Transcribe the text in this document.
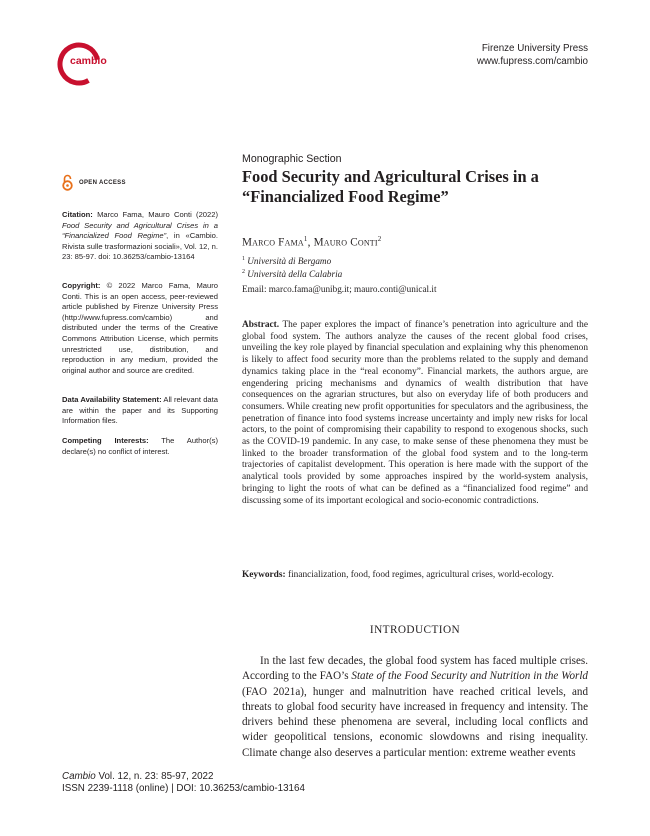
cambio
Firenze University Press
www.fupress.com/cambio
OPEN ACCESS
Citation: Marco Fama, Mauro Conti (2022) Food Security and Agricultural Crises in a “Financialized Food Regime”, in «Cambio. Rivista sulle trasformazioni sociali», Vol. 12, n. 23: 85-97. doi: 10.36253/cambio-13164
Copyright: © 2022 Marco Fama, Mauro Conti. This is an open access, peer-reviewed article published by Firenze University Press (http://www.fupress.com/cambio) and distributed under the terms of the Creative Commons Attribution License, which permits unrestricted use, distribution, and reproduction in any medium, provided the original author and source are credited.
Data Availability Statement: All relevant data are within the paper and its Supporting Information files.
Competing Interests: The Author(s) declare(s) no conflict of interest.
Monographic Section
Food Security and Agricultural Crises in a “Financialized Food Regime”
Marco Fama$^1$, Mauro Conti$^2$
$^1$ Università di Bergamo
$^2$ Università della Calabria
Email: marco.fama@unibg.it; mauro.conti@unical.it
Abstract. The paper explores the impact of finance’s penetration into agriculture and the global food system. The authors analyze the causes of the recent global food crises, unveiling the key role played by financial speculation and explaining why this phenomenon is likely to affect food security more than the problems related to the supply and demand dynamics taking place in the “real economy”. Financial markets, the authors argue, are engendering pricing mechanisms and dynamics of wealth distribution that have consequences on the agrarian structures, but also on everyday life of both producers and consumers. While creating new profit opportunities for speculators and the agribusiness, the penetration of finance into food systems increase uncertainty and imply new risks for local actors, to the point of compromising their capability to respond to exogenous shocks, such as the COVID-19 pandemic. In any case, to make sense of these phenomena they must be linked to the broader transformation of the global food system and to the long-term trajectories of capitalist development. This operation is here made with the support of the analytical tools provided by some approaches inspired by the world-system analysis, bringing to light the roots of what can be defined as a “financialized food regime” and discussing some of its important ecological and socio-economic contradictions.
Keywords: financialization, food, food regimes, agricultural crises, world-ecology.
INTRODUCTION
In the last few decades, the global food system has faced multiple crises. According to the FAO’s State of the Food Security and Nutrition in the World (FAO 2021a), hunger and malnutrition have reached critical levels, and threats to global food security have increased in frequency and intensity. The drivers behind these phenomena are several, including local conflicts and wider geopolitical tensions, economic slowdowns and rising inequality. Climate change also deserves a particular mention: extreme weather events
Cambio Vol. 12, n. 23: 85-97, 2022
ISSN 2239-1118 (online) | DOI: 10.36253/cambio-13164
